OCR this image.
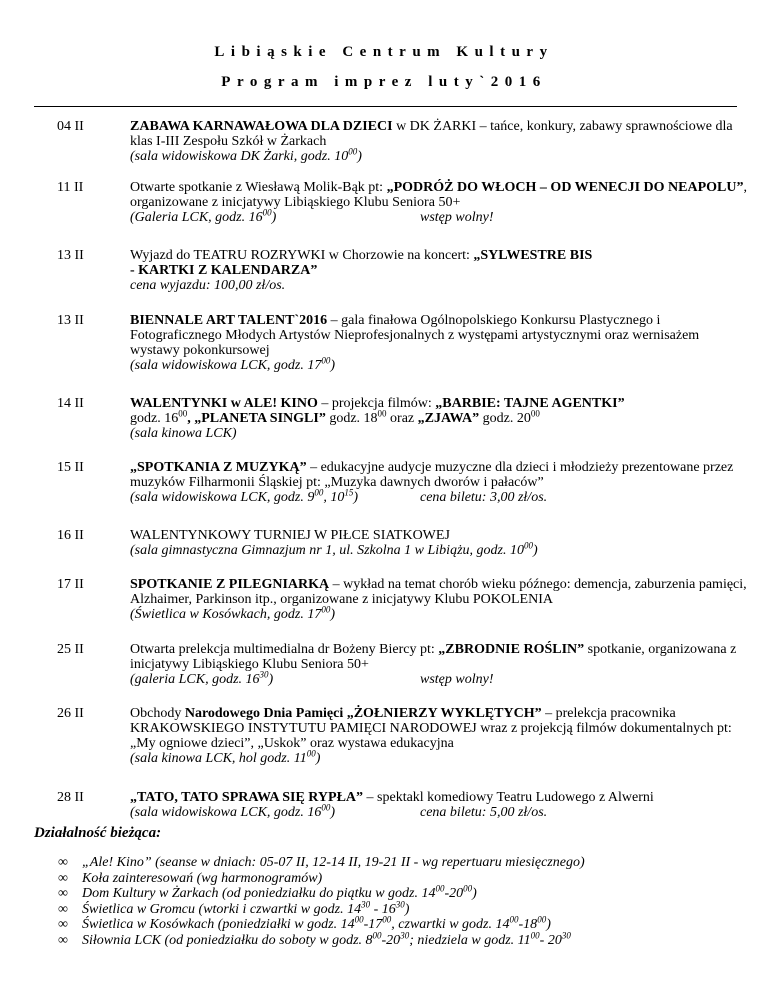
Libiąskie Centrum Kultury
Program imprez luty`2016
04 II	ZABAWA KARNAWAŁOWA DLA DZIECI w DK ŻARKI – tańce, konkury, zabawy sprawnościowe dla klas I-III Zespołu Szkół w Żarkach
(sala widowiskowa DK Żarki, godz. $10^{00}$)
11 II	Otwarte spotkanie z Wiesławą Molik-Bąk pt: „PODRÓŻ DO WŁOCH – OD WENECJI DO NEAPOLU”, organizowane z inicjatywy Libiąskiego Klubu Seniora 50+
(Galeria LCK, godz. $16^{00}$)	wstęp wolny!
13 II	Wyjazd do TEATRU ROZRYWKI w Chorzowie na koncert: „SYLWESTRE BIS
- KARTKI Z KALENDARZA”
cena wyjazdu: 100,00 zł/os.
13 II	BIENNALE ART TALENT`2016 – gala finałowa Ogólnopolskiego Konkursu Plastycznego i Fotograficznego Młodych Artystów Nieprofesjonalnych z występami artystycznymi oraz wernisażem wystawy pokonkursowej
(sala widowiskowa LCK, godz. $17^{00}$)
14 II	WALENTYNKI w ALE! KINO – projekcja filmów: „BARBIE: TAJNE AGENTKI”
godz. $16^{00}$, „PLANETA SINGLI” godz. $18^{00}$ oraz „ZJAWA” godz. $20^{00}$
(sala kinowa LCK)
15 II	„SPOTKANIA Z MUZYKĄ” – edukacyjne audycje muzyczne dla dzieci i młodzieży prezentowane przez muzyków Filharmonii Śląskiej pt: „Muzyka dawnych dworów i pałaców”
(sala widowiskowa LCK, godz. $9^{00}$, $10^{15}$)	cena biletu: 3,00 zł/os.
16 II	WALENTYNKOWY TURNIEJ W PIŁCE SIATKOWEJ
(sala gimnastyczna Gimnazjum nr 1, ul. Szkolna 1 w Libiążu, godz. $10^{00}$)
17 II	SPOTKANIE Z PILEGNIARKĄ – wykład na temat chorób wieku późnego: demencja, zaburzenia pamięci, Alzhaimer, Parkinson itp., organizowane z inicjatywy Klubu POKOLENIA
(Świetlica w Kosówkach, godz. $17^{00}$)
25 II	Otwarta prelekcja multimedialna dr Bożeny Biercy pt: „ZBRODNIE ROŚLIN” spotkanie, organizowana z inicjatywy Libiąskiego Klubu Seniora 50+
(galeria LCK, godz. $16^{30}$)	wstęp wolny!
26 II	Obchody Narodowego Dnia Pamięci „ŻOŁNIERZY WYKLĘTYCH” – prelekcja pracownika KRAKOWSKIEGO INSTYTUTU PAMIĘCI NARODOWEJ wraz z projekcją filmów dokumentalnych pt: „My ogniowe dzieci”, „Uskok” oraz wystawa edukacyjna
(sala kinowa LCK, hol godz. $11^{00}$)
28 II	„TATO, TATO SPRAWA SIĘ RYPŁA” – spektakl komediowy Teatru Ludowego z Alwerni
(sala widowiskowa LCK, godz. $16^{00}$)	cena biletu: 5,00 zł/os.
Działalność bieżąca:
∞ „Ale! Kino” (seanse w dniach: 05-07 II, 12-14 II, 19-21 II - wg repertuaru miesięcznego)
∞ Koła zainteresowań (wg harmonogramów)
∞ Dom Kultury w Żarkach (od poniedziałku do piątku w godz. $14^{00}-20^{00}$)
∞ Świetlica w Gromcu (wtorki i czwartki w godz. $14^{30} - 16^{30}$)
∞ Świetlica w Kosówkach (poniedziałki w godz. $14^{00}-17^{00}$, czwartki w godz. $14^{00}-18^{00}$)
∞ Siłownia LCK (od poniedziałku do soboty w godz. $8^{00}-20^{30}$; niedziela w godz. $11^{00}-$ $20^{30}$
